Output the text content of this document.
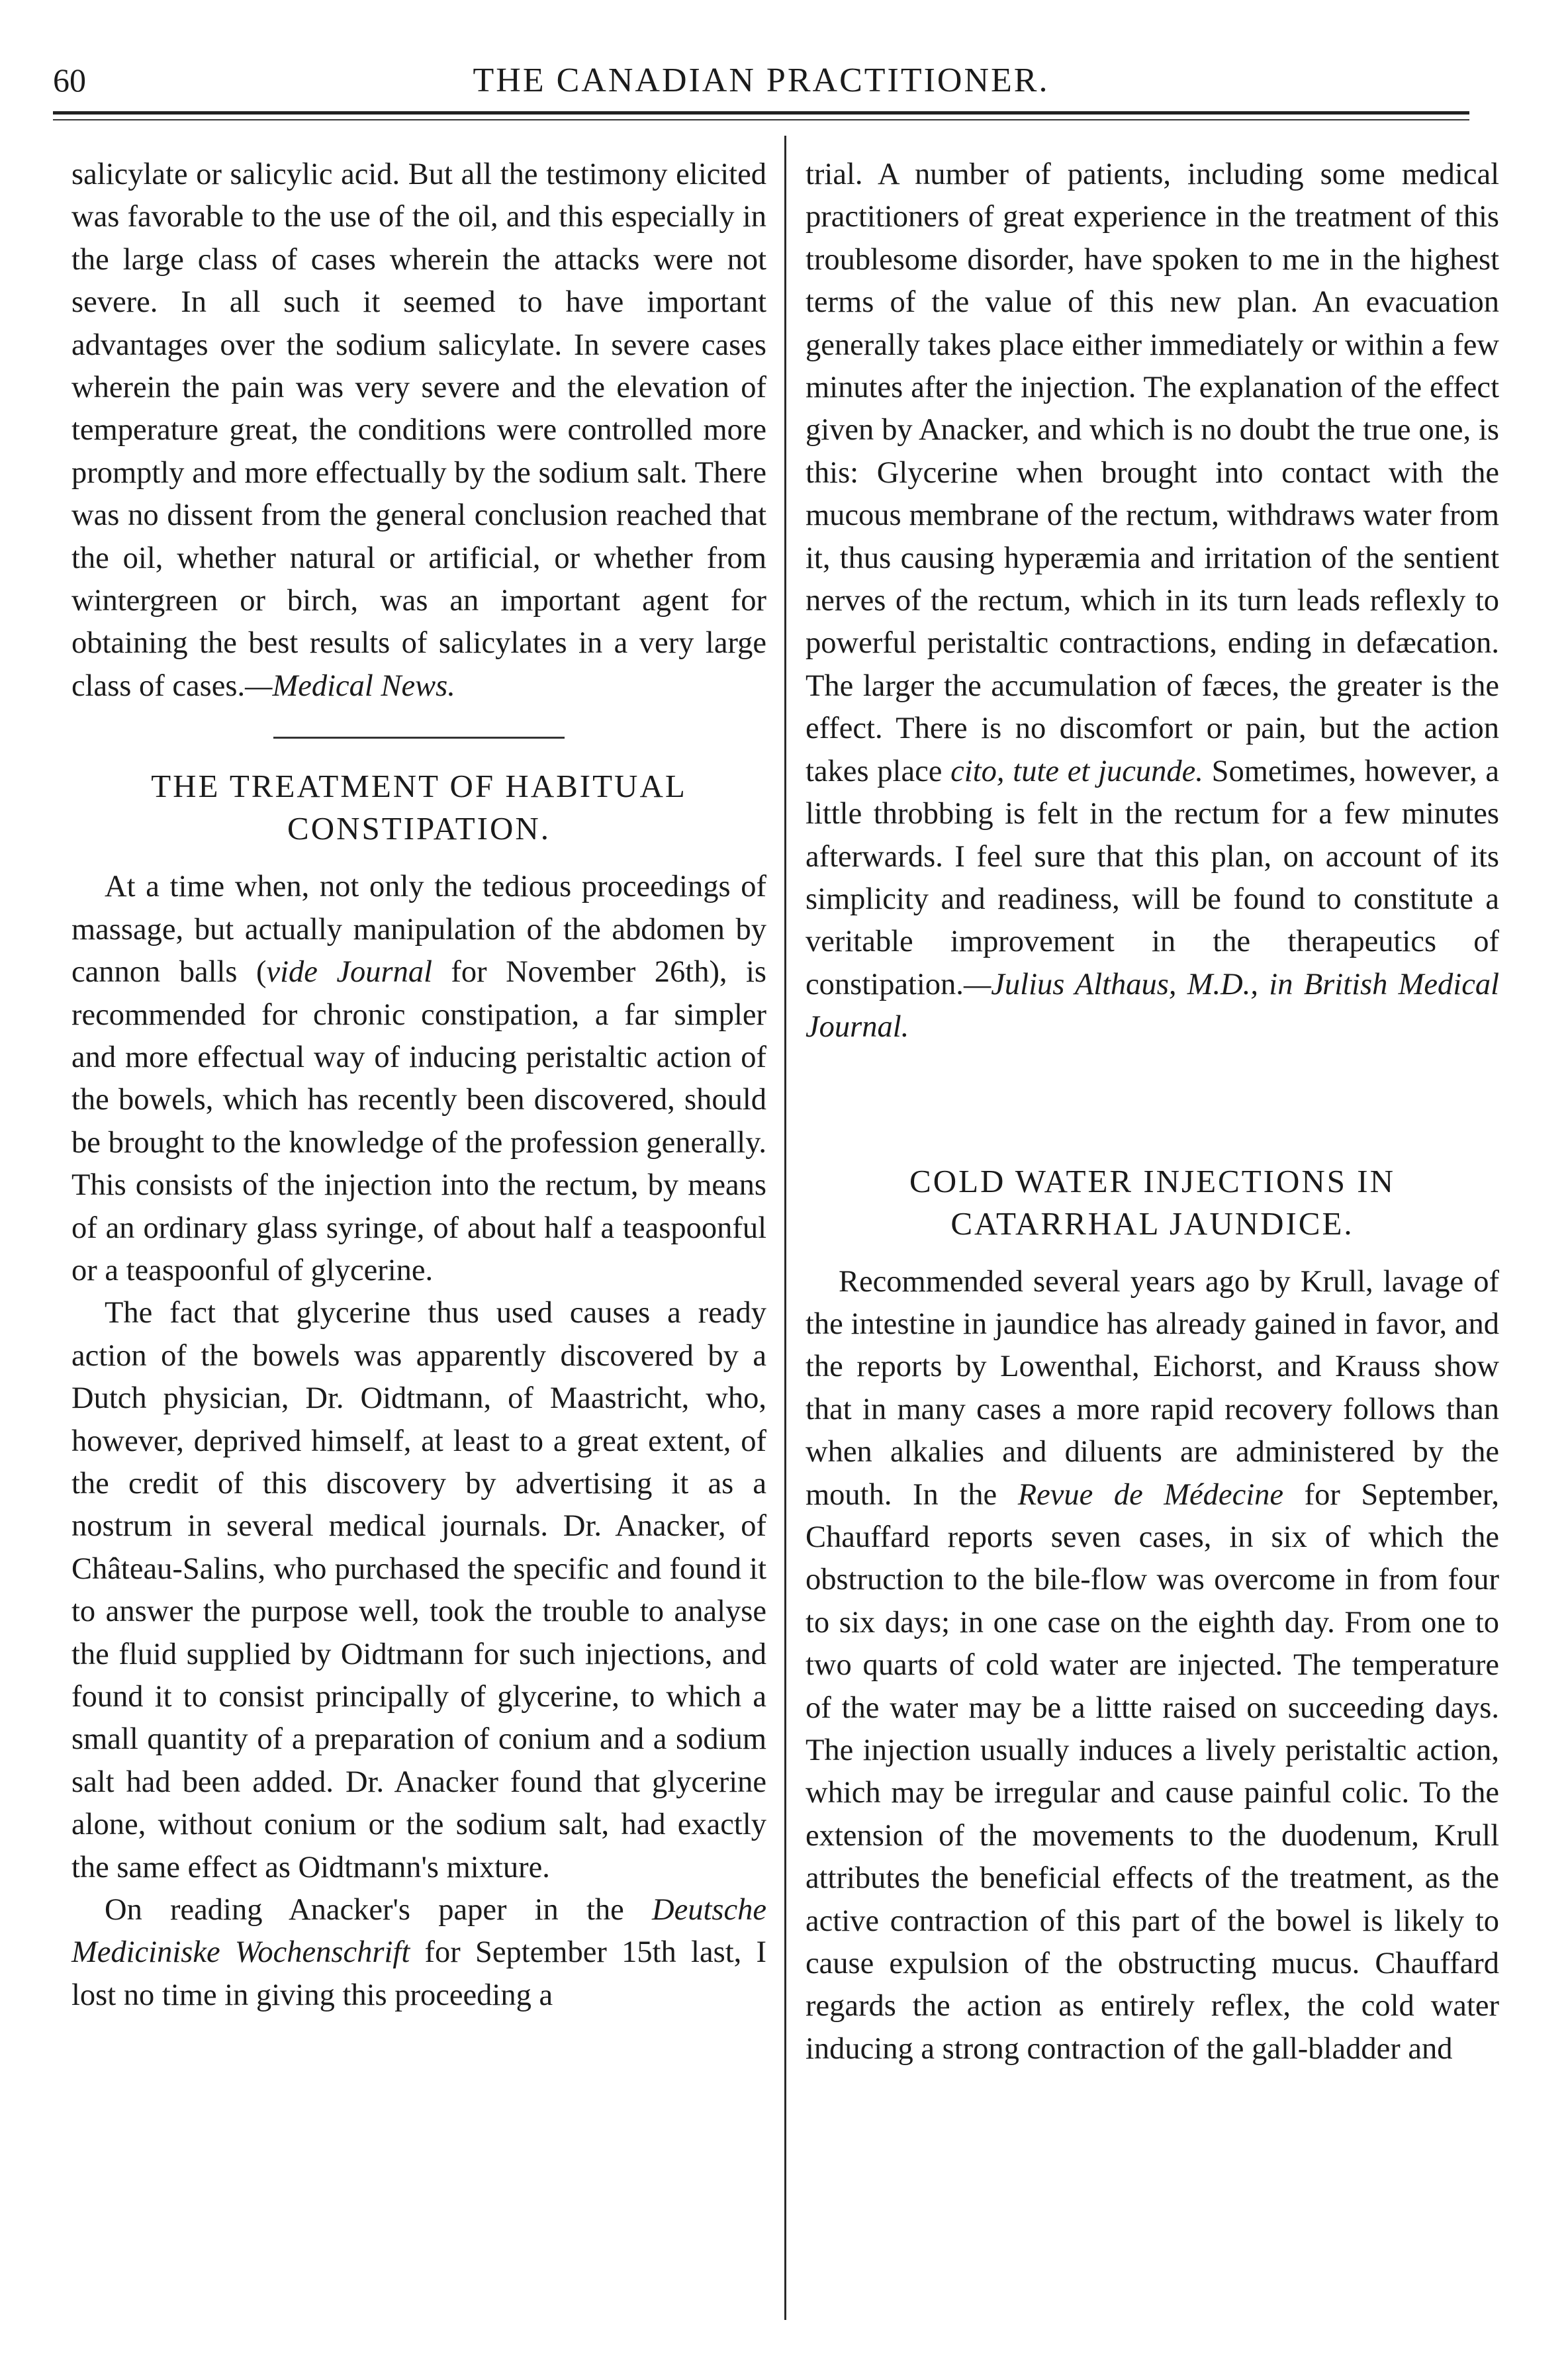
60	THE CANADIAN PRACTITIONER.

salicylate or salicylic acid. But all the testimony elicited was favorable to the use of the oil, and this especially in the large class of cases wherein the attacks were not severe. In all such it seemed to have important advantages over the sodium salicylate. In severe cases wherein the pain was very severe and the elevation of temperature great, the conditions were controlled more promptly and more effectually by the sodium salt. There was no dissent from the general conclusion reached that the oil, whether natural or artificial, or whether from wintergreen or birch, was an important agent for obtaining the best results of salicylates in a very large class of cases.—Medical News.

THE TREATMENT OF HABITUAL CONSTIPATION.

At a time when, not only the tedious proceedings of massage, but actually manipulation of the abdomen by cannon balls (vide Journal for November 26th), is recommended for chronic constipation, a far simpler and more effectual way of inducing peristaltic action of the bowels, which has recently been discovered, should be brought to the knowledge of the profession generally. This consists of the injection into the rectum, by means of an ordinary glass syringe, of about half a teaspoonful or a teaspoonful of glycerine.

The fact that glycerine thus used causes a ready action of the bowels was apparently discovered by a Dutch physician, Dr. Oidtmann, of Maastricht, who, however, deprived himself, at least to a great extent, of the credit of this discovery by advertising it as a nostrum in several medical journals. Dr. Anacker, of Château-Salins, who purchased the specific and found it to answer the purpose well, took the trouble to analyse the fluid supplied by Oidtmann for such injections, and found it to consist principally of glycerine, to which a small quantity of a preparation of conium and a sodium salt had been added. Dr. Anacker found that glycerine alone, without conium or the sodium salt, had exactly the same effect as Oidtmann's mixture.

On reading Anacker's paper in the Deutsche Mediciniske Wochenschrift for September 15th last, I lost no time in giving this proceeding a

trial. A number of patients, including some medical practitioners of great experience in the treatment of this troublesome disorder, have spoken to me in the highest terms of the value of this new plan. An evacuation generally takes place either immediately or within a few minutes after the injection. The explanation of the effect given by Anacker, and which is no doubt the true one, is this: Glycerine when brought into contact with the mucous membrane of the rectum, withdraws water from it, thus causing hyperæmia and irritation of the sentient nerves of the rectum, which in its turn leads reflexly to powerful peristaltic contractions, ending in defæcation. The larger the accumulation of fæces, the greater is the effect. There is no discomfort or pain, but the action takes place cito, tute et jucunde. Sometimes, however, a little throbbing is felt in the rectum for a few minutes afterwards. I feel sure that this plan, on account of its simplicity and readiness, will be found to constitute a veritable improvement in the therapeutics of constipation.—Julius Althaus, M.D., in British Medical Journal.

COLD WATER INJECTIONS IN CATARRHAL JAUNDICE.

Recommended several years ago by Krull, lavage of the intestine in jaundice has already gained in favor, and the reports by Lowenthal, Eichorst, and Krauss show that in many cases a more rapid recovery follows than when alkalies and diluents are administered by the mouth. In the Revue de Médecine for September, Chauffard reports seven cases, in six of which the obstruction to the bile-flow was overcome in from four to six days; in one case on the eighth day. From one to two quarts of cold water are injected. The temperature of the water may be a littte raised on succeeding days. The injection usually induces a lively peristaltic action, which may be irregular and cause painful colic. To the extension of the movements to the duodenum, Krull attributes the beneficial effects of the treatment, as the active contraction of this part of the bowel is likely to cause expulsion of the obstructing mucus. Chauffard regards the action as entirely reflex, the cold water inducing a strong contraction of the gall-bladder and
